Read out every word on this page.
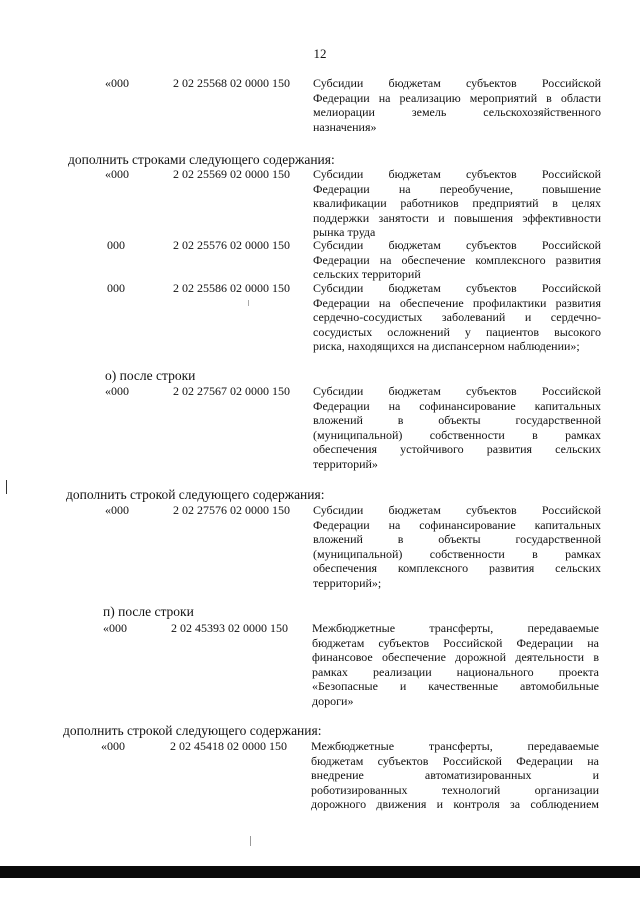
12
«000	2 02 25568 02 0000 150 Субсидии бюджетам субъектов Российской
Федерации на реализацию мероприятий в области
мелиорации земель сельскохозяйственного
назначения»
дополнить строками следующего содержания:
«000	2 02 25569 02 0000 150 Субсидии бюджетам субъектов Российской
Федерации на переобучение, повышение
квалификации работников предприятий в целях
поддержки занятости и повышения эффективности
рынка труда
000	2 02 25576 02 0000 150 Субсидии бюджетам субъектов Российской
Федерации на обеспечение комплексного развития
сельских территорий
000	2 02 25586 02 0000 150 Субсидии бюджетам субъектов Российской
Федерации на обеспечение профилактики развития
сердечно-сосудистых заболеваний и сердечно-
сосудистых осложнений у пациентов высокого
риска, находящихся на диспансерном наблюдении»;
о) после строки
«000	2 02 27567 02 0000 150 Субсидии бюджетам субъектов Российской
Федерации на софинансирование капитальных
вложений в объекты государственной
(муниципальной) собственности в рамках
обеспечения устойчивого развития сельских
территорий»
дополнить строкой следующего содержания:
«000	2 02 27576 02 0000 150 Субсидии бюджетам субъектов Российской
Федерации на софинансирование капитальных
вложений в объекты государственной
(муниципальной) собственности в рамках
обеспечения комплексного развития сельских
территорий»;
п) после строки
«000	2 02 45393 02 0000 150 Межбюджетные трансферты, передаваемые
бюджетам субъектов Российской Федерации на
финансовое обеспечение дорожной деятельности в
рамках реализации национального проекта
«Безопасные и качественные автомобильные
дороги»
дополнить строкой следующего содержания:
«000	2 02 45418 02 0000 150 Межбюджетные трансферты, передаваемые
бюджетам субъектов Российской Федерации на
внедрение автоматизированных и
роботизированных технологий организации
дорожного движения и контроля за соблюдением
